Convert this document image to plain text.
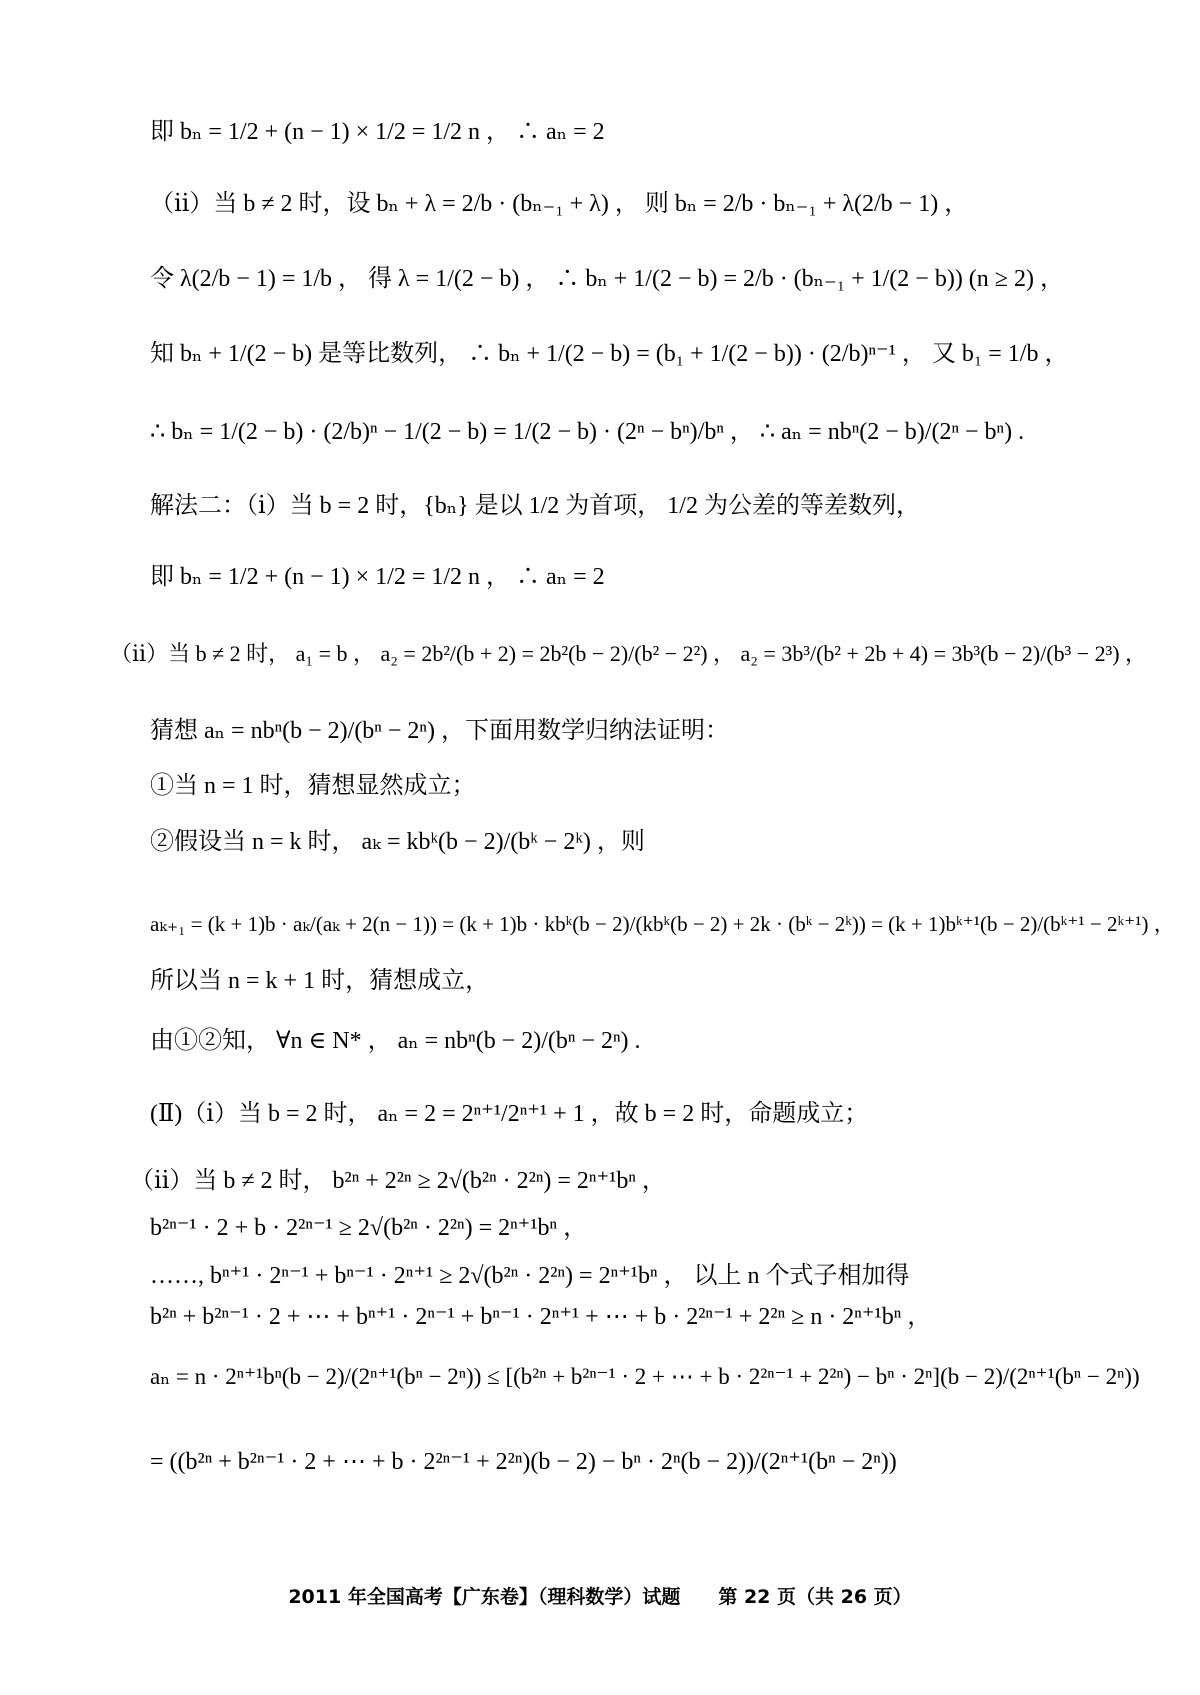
即 bₙ = 1/2 + (n − 1) × 1/2 = 1/2 n ， ∴ aₙ = 2
（ⅱ）当 b ≠ 2 时，设 bₙ + λ = 2/b · (bₙ₋₁ + λ) ， 则 bₙ = 2/b · bₙ₋₁ + λ(2/b − 1) ，
令 λ(2/b − 1) = 1/b ， 得 λ = 1/(2 − b) ， ∴ bₙ + 1/(2 − b) = 2/b · (bₙ₋₁ + 1/(2 − b)) (n ≥ 2) ，
知 bₙ + 1/(2 − b) 是等比数列， ∴ bₙ + 1/(2 − b) = (b₁ + 1/(2 − b)) · (2/b)ⁿ⁻¹ ， 又 b₁ = 1/b ，
∴ bₙ = 1/(2 − b) · (2/b)ⁿ − 1/(2 − b) = 1/(2 − b) · (2ⁿ − bⁿ)/bⁿ ， ∴ aₙ = nbⁿ(2 − b)/(2ⁿ − bⁿ) .
解法二：（ⅰ）当 b = 2 时，{bₙ} 是以 1/2 为首项， 1/2 为公差的等差数列，
即 bₙ = 1/2 + (n − 1) × 1/2 = 1/2 n ， ∴ aₙ = 2
（ⅱ）当 b ≠ 2 时， a₁ = b ， a₂ = 2b²/(b + 2) = 2b²(b − 2)/(b² − 2²) ， a₂ = 3b³/(b² + 2b + 4) = 3b³(b − 2)/(b³ − 2³) ，
猜想 aₙ = nbⁿ(b − 2)/(bⁿ − 2ⁿ) ，下面用数学归纳法证明：
①当 n = 1 时，猜想显然成立；
②假设当 n = k 时， aₖ = kbᵏ(b − 2)/(bᵏ − 2ᵏ) ，则
aₖ₊₁ = (k + 1)b · aₖ/(aₖ + 2(n − 1)) = (k + 1)b · kbᵏ(b − 2)/(kbᵏ(b − 2) + 2k · (bᵏ − 2ᵏ)) = (k + 1)bᵏ⁺¹(b − 2)/(bᵏ⁺¹ − 2ᵏ⁺¹) ，
所以当 n = k + 1 时，猜想成立，
由①②知， ∀n ∈ N* ， aₙ = nbⁿ(b − 2)/(bⁿ − 2ⁿ) .
(Ⅱ)（ⅰ）当 b = 2 时， aₙ = 2 = 2ⁿ⁺¹/2ⁿ⁺¹ + 1 ，故 b = 2 时，命题成立；
（ⅱ）当 b ≠ 2 时， b²ⁿ + 2²ⁿ ≥ 2√(b²ⁿ · 2²ⁿ) = 2ⁿ⁺¹bⁿ ，
b²ⁿ⁻¹ · 2 + b · 2²ⁿ⁻¹ ≥ 2√(b²ⁿ · 2²ⁿ) = 2ⁿ⁺¹bⁿ ，
……, bⁿ⁺¹ · 2ⁿ⁻¹ + bⁿ⁻¹ · 2ⁿ⁺¹ ≥ 2√(b²ⁿ · 2²ⁿ) = 2ⁿ⁺¹bⁿ ， 以上 n 个式子相加得
b²ⁿ + b²ⁿ⁻¹ · 2 + ⋯ + bⁿ⁺¹ · 2ⁿ⁻¹ + bⁿ⁻¹ · 2ⁿ⁺¹ + ⋯ + b · 2²ⁿ⁻¹ + 2²ⁿ ≥ n · 2ⁿ⁺¹bⁿ ，
aₙ = n · 2ⁿ⁺¹bⁿ(b − 2)/(2ⁿ⁺¹(bⁿ − 2ⁿ)) ≤ [(b²ⁿ + b²ⁿ⁻¹ · 2 + ⋯ + b · 2²ⁿ⁻¹ + 2²ⁿ) − bⁿ · 2ⁿ](b − 2)/(2ⁿ⁺¹(bⁿ − 2ⁿ))
= ((b²ⁿ + b²ⁿ⁻¹ · 2 + ⋯ + b · 2²ⁿ⁻¹ + 2²ⁿ)(b − 2) − bⁿ · 2ⁿ(b − 2))/(2ⁿ⁺¹(bⁿ − 2ⁿ))
2011 年全国高考【广东卷】（理科数学）试题　　第 22 页（共 26 页）
